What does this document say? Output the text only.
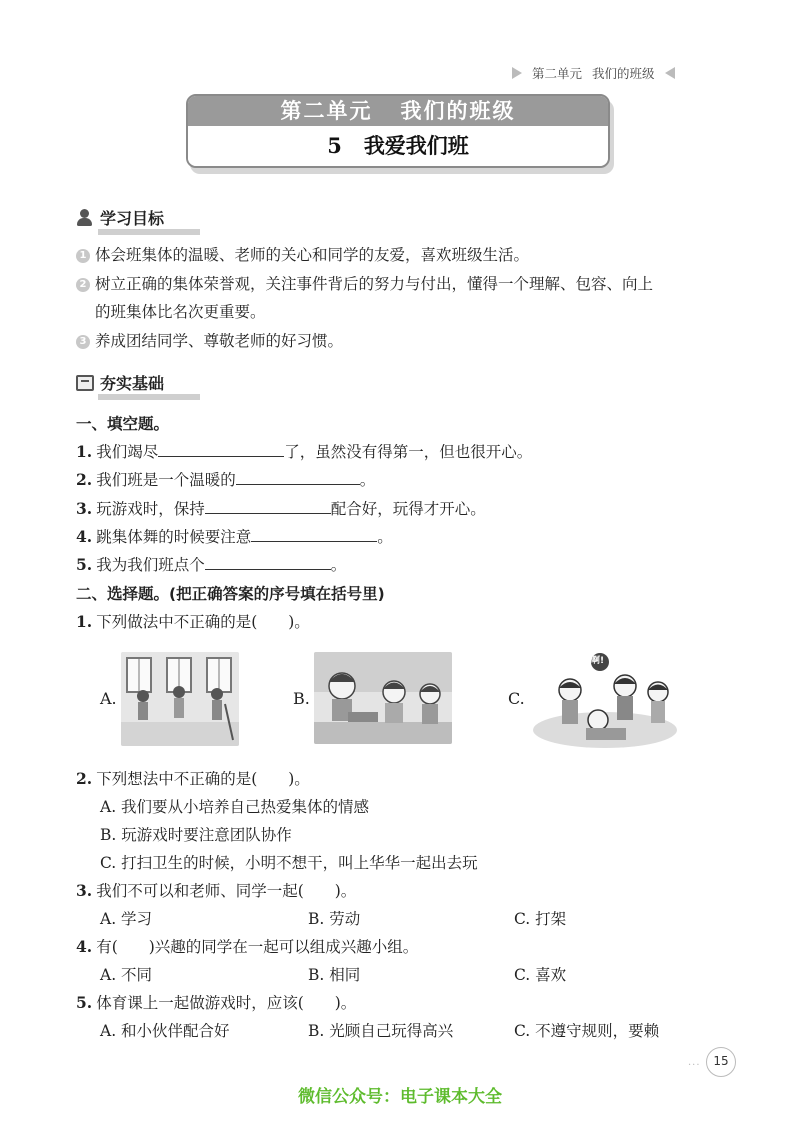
第二单元 我们的班级
第二单元 我们的班级
5 我爱我们班
学习目标
1 体会班集体的温暖、老师的关心和同学的友爱，喜欢班级生活。
2 树立正确的集体荣誉观，关注事件背后的努力与付出，懂得一个理解、包容、向上
的班集体比名次更重要。
3 养成团结同学、尊敬老师的好习惯。
夯实基础
一、填空题。
1. 我们竭尽	了，虽然没有得第一，但也很开心。
2. 我们班是一个温暖的	。
3. 玩游戏时，保持	配合好，玩得才开心。
4. 跳集体舞的时候要注意	。
5. 我为我们班点个	。
二、选择题。(把正确答案的序号填在括号里)
1. 下列做法中不正确的是(　　)。
A.	B.	C.
啊!
2. 下列想法中不正确的是(　　)。
A. 我们要从小培养自己热爱集体的情感
B. 玩游戏时要注意团队协作
C. 打扫卫生的时候，小明不想干，叫上华华一起出去玩
3. 我们不可以和老师、同学一起(　　)。
A. 学习	B. 劳动	C. 打架
4. 有(　　)兴趣的同学在一起可以组成兴趣小组。
A. 不同	B. 相同	C. 喜欢
5. 体育课上一起做游戏时，应该(　　)。
A. 和小伙伴配合好	B. 光顾自己玩得高兴	C. 不遵守规则，要赖
···	15
微信公众号：电子课本大全
